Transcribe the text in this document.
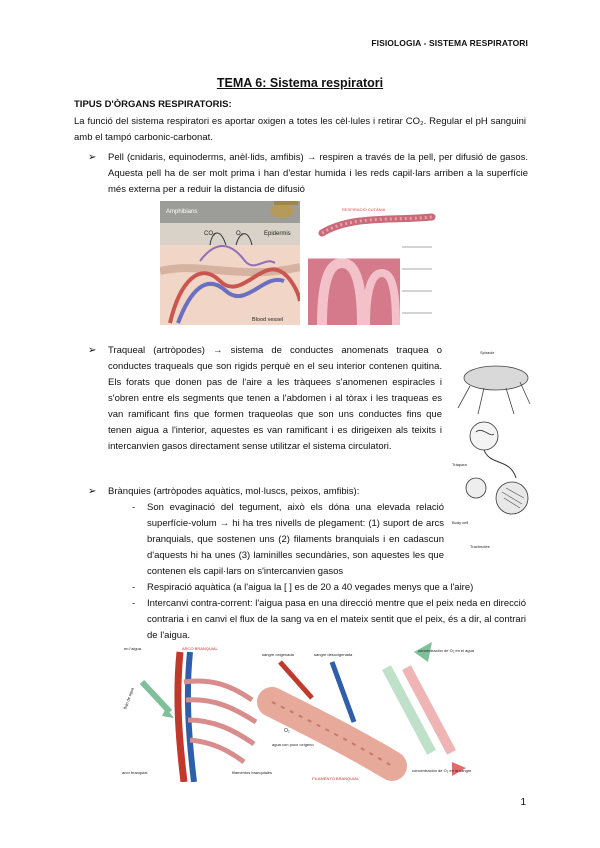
FISIOLOGIA - SISTEMA RESPIRATORI
TEMA 6: Sistema respiratori
TIPUS D'ÒRGANS RESPIRATORIS:
La funció del sistema respiratori es aportar oxigen a totes les cèl·lules i retirar CO₂. Regular el pH sanguini amb el tampó carbonic-carbonat.
➢	Pell (cnidaris, equinoderms, anèl·lids, amfibis) → respiren a través de la pell, per difusió de gasos. Aquesta pell ha de ser molt prima i han d'estar humida i les reds capil·lars arriben a la superfície més externa per a reduir la distancia de difusió
Amphibians
CO₂	O₂	Epidermis
Blood vessel
RESPIRACIÓ CUTÀNIA
➢	Traqueal (artròpodes) → sistema de conductes anomenats traquea o conductes traqueals que son rigids perquè en el seu interior contenen quitina. Els forats que donen pas de l'aire a les tràquees s'anomenen espiracles i s'obren entre els segments que tenen a l'abdomen i al tòrax i les traqueas es van ramificant fins que formen traqueolas que son uns conductes fins que tenen aigua a l'interior, aquestes es van ramificant i es dirigeixen als teixits i intercanvien gasos directament sense utilitzar el sistema circulatori.
Spiracle
Tràquea
Body cell
Tracheoles
➢	Brànquies (artròpodes aquàtics, mol·luscs, peixos, amfibis):
-	Son evaginació del tegument, això els dóna una elevada relació superfície-volum → hi ha tres nivells de plegament: (1) suport de arcs branquials, que sostenen uns (2) filaments branquials i en cadascun d'aquests hi ha unes (3) laminilles secundàries, son aquestes les que contenen els capil·lars on s'intercanvien gasos
-	Respiració aquàtica (a l'aigua la [ ] es de 20 a 40 vegades menys que a l'aire)
-	Intercanvi contra-corrent: l'aigua pasa en una direcció mentre que el peix neda en direcció contraria i en canvi el flux de la sang va en el mateix sentit que el peix, és a dir, al contrari de l'aigua.
en l'aigua	ARCO BRANQUIAL
flujo de agua
arco branquial	filamentos branquiales
sangre oxigenada	sangre desoxigenada
O₂
agua con poco oxígeno
FILAMENTO BRANQUIAL
concentración de O₂ en el agua
concentración de O₂ en la sangre
1
